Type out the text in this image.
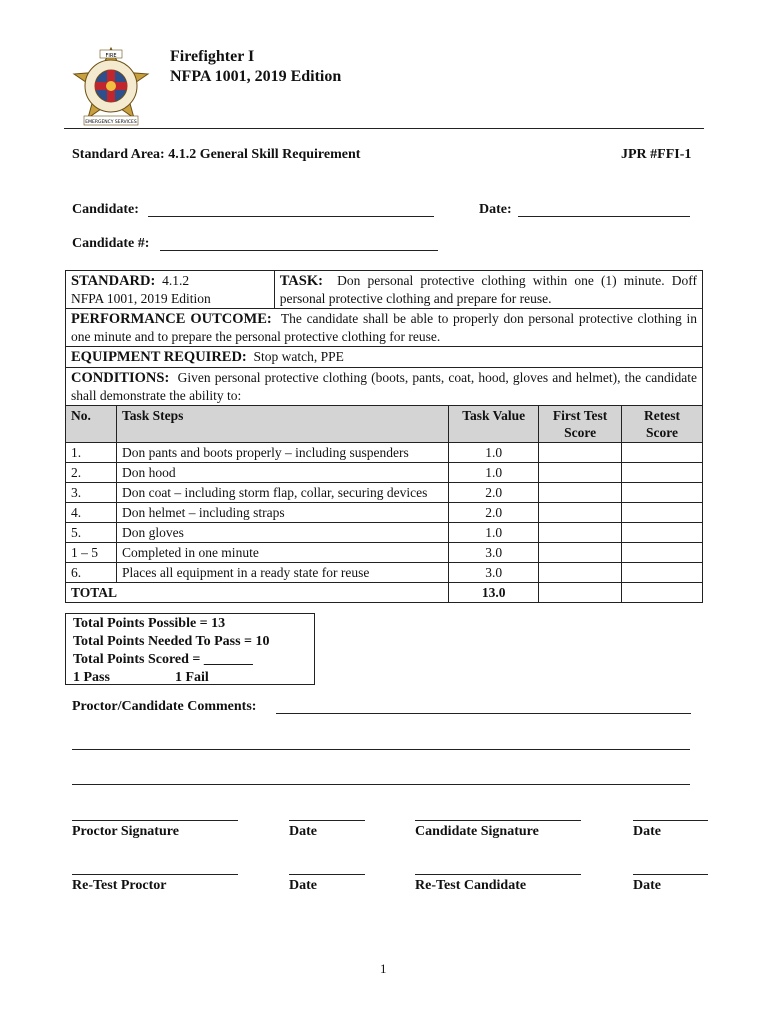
FIRE
EMERGENCY SERVICES
Firefighter I
NFPA 1001, 2019 Edition
Standard Area: 4.1.2 General Skill Requirement	JPR #FFI-1
Candidate:	Date:
Candidate #:
STANDARD: 4.1.2
NFPA 1001, 2019 Edition		TASK: Don personal protective clothing within one (1) minute. Doff personal protective clothing and prepare for reuse.			
PERFORMANCE OUTCOME: The candidate shall be able to properly don personal protective clothing in one minute and to prepare the personal protective clothing for reuse.					
EQUIPMENT REQUIRED: Stop watch, PPE					
CONDITIONS: Given personal protective clothing (boots, pants, coat, hood, gloves and helmet), the candidate shall demonstrate the ability to:					
No.	Task Steps		Task Value	First Test Score	Retest Score
1.	Don pants and boots properly – including suspenders		1.0		
2.	Don hood		1.0		
3.	Don coat – including storm flap, collar, securing devices		2.0		
4.	Don helmet – including straps		2.0		
5.	Don gloves		1.0		
1 – 5	Completed in one minute		3.0		
6.	Places all equipment in a ready state for reuse		3.0		
TOTAL			13.0		
Total Points Possible = 13
Total Points Needed To Pass = 10
Total Points Scored = _______
1 Pass	1 Fail
Proctor/Candidate Comments:
Proctor Signature	Date	Candidate Signature	Date
Re-Test Proctor	Date	Re-Test Candidate	Date
1
